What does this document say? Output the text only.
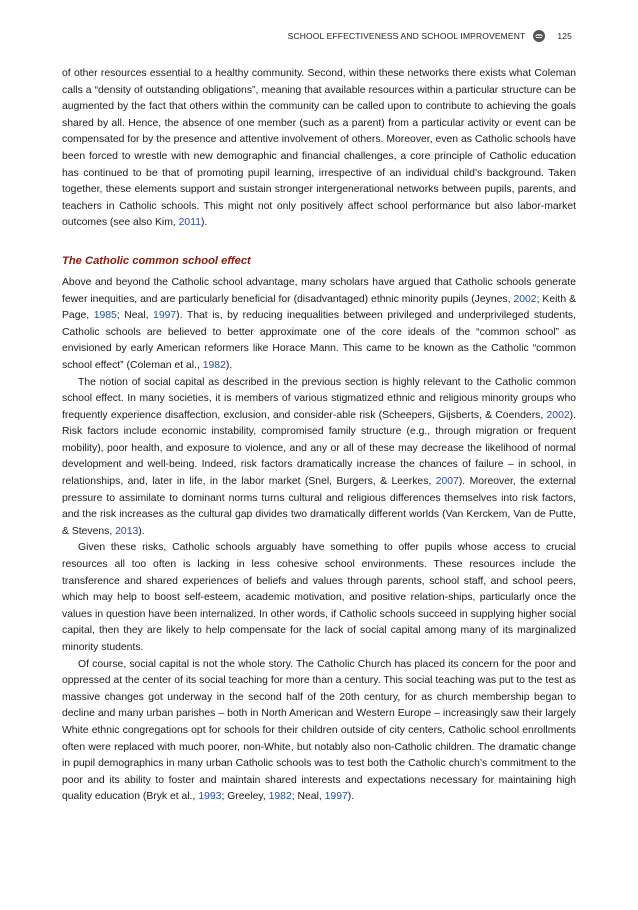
SCHOOL EFFECTIVENESS AND SCHOOL IMPROVEMENT	125

of other resources essential to a healthy community. Second, within these networks there exists what Coleman calls a “density of outstanding obligations”, meaning that available resources within a particular structure can be augmented by the fact that others within the community can be called upon to contribute to achieving the goals shared by all. Hence, the absence of one member (such as a parent) from a particular activity or event can be compensated for by the presence and attentive involvement of others. Moreover, even as Catholic schools have been forced to wrestle with new demographic and financial challenges, a core principle of Catholic education has continued to be that of promoting pupil learning, irrespective of an individual child’s background. Taken together, these elements support and sustain stronger intergenerational networks between pupils, parents, and teachers in Catholic schools. This might not only positively affect school performance but also labor-market outcomes (see also Kim, 2011).

The Catholic common school effect

Above and beyond the Catholic school advantage, many scholars have argued that Catholic schools generate fewer inequities, and are particularly beneficial for (disadvantaged) ethnic minority pupils (Jeynes, 2002; Keith & Page, 1985; Neal, 1997). That is, by reducing inequalities between privileged and underprivileged students, Catholic schools are believed to better approximate one of the core ideals of the “common school” as envisioned by early American reformers like Horace Mann. This came to be known as the Catholic “common school effect” (Coleman et al., 1982).

The notion of social capital as described in the previous section is highly relevant to the Catholic common school effect. In many societies, it is members of various stigmatized ethnic and religious minority groups who frequently experience disaffection, exclusion, and consider-able risk (Scheepers, Gijsberts, & Coenders, 2002). Risk factors include economic instability, compromised family structure (e.g., through migration or frequent mobility), poor health, and exposure to violence, and any or all of these may decrease the likelihood of normal development and well-being. Indeed, risk factors dramatically increase the chances of failure – in school, in relationships, and, later in life, in the labor market (Snel, Burgers, & Leerkes, 2007). Moreover, the external pressure to assimilate to dominant norms turns cultural and religious differences themselves into risk factors, and the risk increases as the cultural gap divides two dramatically different worlds (Van Kerckem, Van de Putte, & Stevens, 2013).

Given these risks, Catholic schools arguably have something to offer pupils whose access to crucial resources all too often is lacking in less cohesive school environments. These resources include the transference and shared experiences of beliefs and values through parents, school staff, and school peers, which may help to boost self-esteem, academic motivation, and positive relation-ships, particularly once the values in question have been internalized. In other words, if Catholic schools succeed in supplying higher social capital, then they are likely to help compensate for the lack of social capital among many of its marginalized minority students.

Of course, social capital is not the whole story. The Catholic Church has placed its concern for the poor and oppressed at the center of its social teaching for more than a century. This social teaching was put to the test as massive changes got underway in the second half of the 20th century, for as church membership began to decline and many urban parishes – both in North American and Western Europe – increasingly saw their largely White ethnic congregations opt for schools for their children outside of city centers, Catholic school enrollments often were replaced with much poorer, non-White, but notably also non-Catholic children. The dramatic change in pupil demographics in many urban Catholic schools was to test both the Catholic church’s commitment to the poor and its ability to foster and maintain shared interests and expectations necessary for maintaining high quality education (Bryk et al., 1993; Greeley, 1982; Neal, 1997).
